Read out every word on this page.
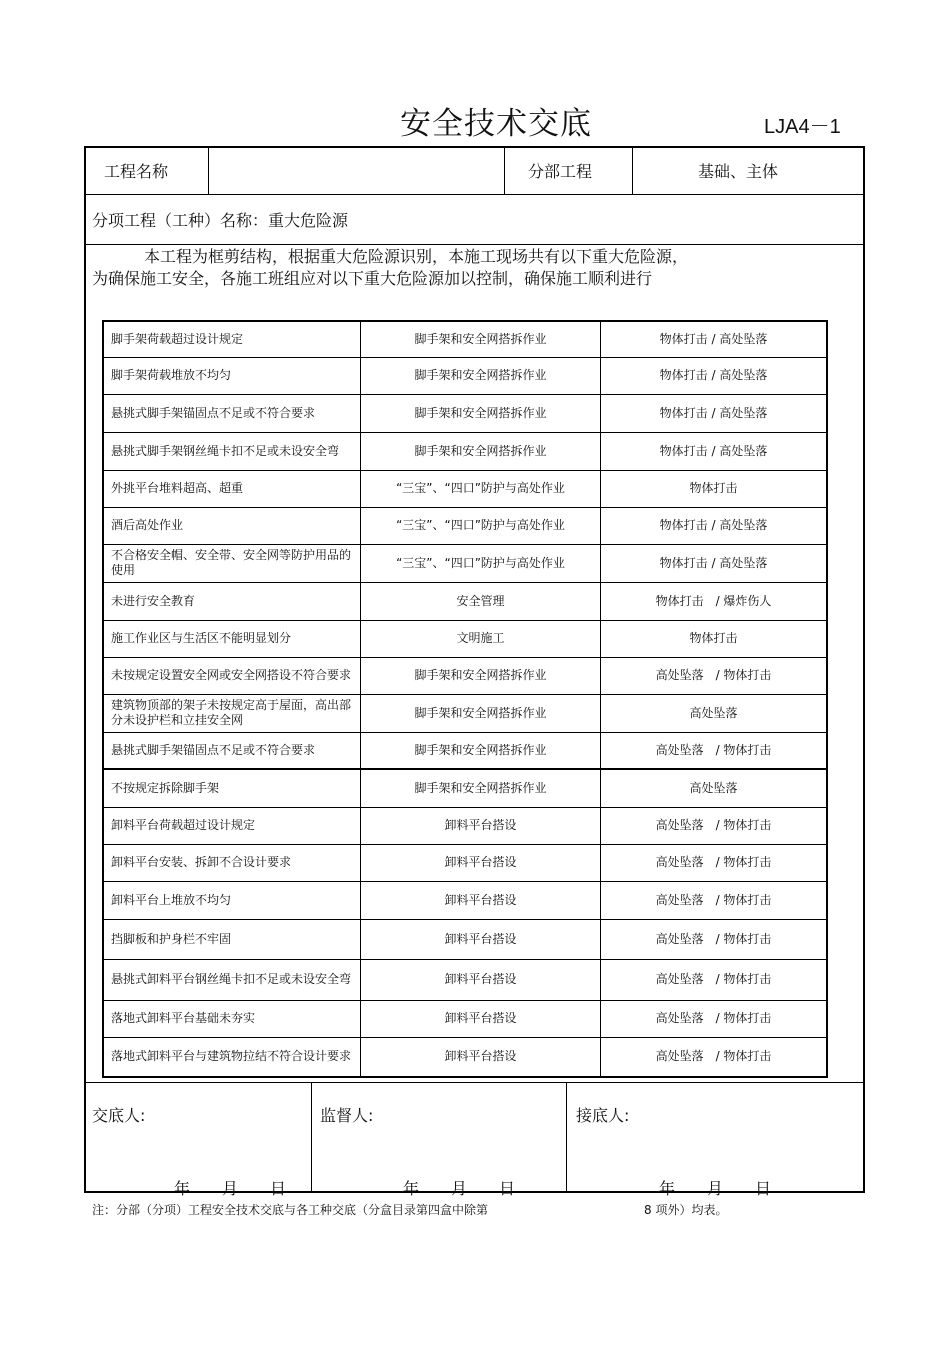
安全技术交底	LJA4－1
工程名称	分部工程	基础、主体
分项工程（工种）名称：重大危险源
本工程为框剪结构，根据重大危险源识别，本施工现场共有以下重大危险源，
为确保施工安全，各施工班组应对以下重大危险源加以控制，确保施工顺利进行
脚手架荷载超过设计规定	脚手架和安全网搭拆作业	物体打击 / 高处坠落
脚手架荷载堆放不均匀	脚手架和安全网搭拆作业	物体打击 / 高处坠落
悬挑式脚手架锚固点不足或不符合要求	脚手架和安全网搭拆作业	物体打击 / 高处坠落
悬挑式脚手架钢丝绳卡扣不足或未设安全弯	脚手架和安全网搭拆作业	物体打击 / 高处坠落
外挑平台堆料超高、超重	“三宝”、“四口”防护与高处作业	物体打击
酒后高处作业	“三宝”、“四口”防护与高处作业	物体打击 / 高处坠落
不合格安全帽、安全带、安全网等防护用品的使用	“三宝”、“四口”防护与高处作业	物体打击 / 高处坠落
未进行安全教育	安全管理	物体打击　/ 爆炸伤人
施工作业区与生活区不能明显划分	文明施工	物体打击
未按规定设置安全网或安全网搭设不符合要求	脚手架和安全网搭拆作业	高处坠落　/ 物体打击
建筑物顶部的架子未按规定高于屋面，高出部分未设护栏和立挂安全网	脚手架和安全网搭拆作业	高处坠落
悬挑式脚手架锚固点不足或不符合要求	脚手架和安全网搭拆作业	高处坠落　/ 物体打击
不按规定拆除脚手架	脚手架和安全网搭拆作业	高处坠落
卸料平台荷载超过设计规定	卸料平台搭设	高处坠落　/ 物体打击
卸料平台安装、拆卸不合设计要求	卸料平台搭设	高处坠落　/ 物体打击
卸料平台上堆放不均匀	卸料平台搭设	高处坠落　/ 物体打击
挡脚板和护身栏不牢固	卸料平台搭设	高处坠落　/ 物体打击
悬挑式卸料平台钢丝绳卡扣不足或未设安全弯	卸料平台搭设	高处坠落　/ 物体打击
落地式卸料平台基础未夯实	卸料平台搭设	高处坠落　/ 物体打击
落地式卸料平台与建筑物拉结不符合设计要求	卸料平台搭设	高处坠落　/ 物体打击
交底人:	监督人:	接底人:
年　　月　　日	年　　月　　日	年　　月　　日
注：分部（分项）工程安全技术交底与各工种交底（分盒目录第四盒中除第	8 项外）均表。
